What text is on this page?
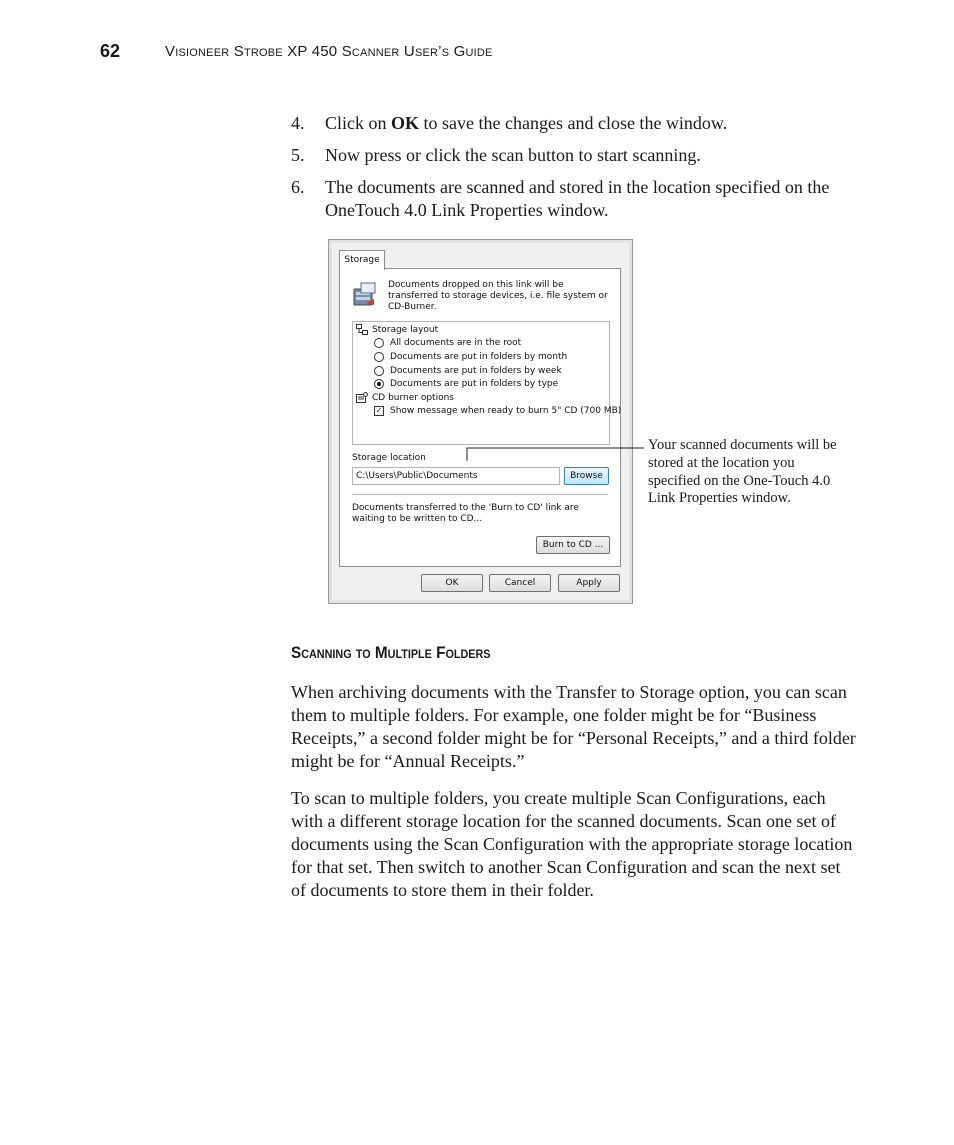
62	Visioneer Strobe XP 450 Scanner User’s Guide
4. Click on OK to save the changes and close the window.
5. Now press or click the scan button to start scanning.
6. The documents are scanned and stored in the location specified on the OneTouch 4.0 Link Properties window.
Storage
Documents dropped on this link will be transferred to storage devices, i.e. file system or CD-Burner.
Storage layout
All documents are in the root
Documents are put in folders by month
Documents are put in folders by week
Documents are put in folders by type
CD burner options
✓ Show message when ready to burn 5" CD (700 MB)
Storage location
C:\Users\Public\Documents	Browse
Documents transferred to the 'Burn to CD' link are waiting to be written to CD...
Burn to CD ...
OK	Cancel	Apply
Your scanned documents will be stored at the location you specified on the One-Touch 4.0 Link Properties window.
Scanning to Multiple Folders

When archiving documents with the Transfer to Storage option, you can scan them to multiple folders. For example, one folder might be for “Business Receipts,” a second folder might be for “Personal Receipts,” and a third folder might be for “Annual Receipts.”

To scan to multiple folders, you create multiple Scan Configurations, each with a different storage location for the scanned documents. Scan one set of documents using the Scan Configuration with the appropriate storage location for that set. Then switch to another Scan Configuration and scan the next set of documents to store them in their folder.
